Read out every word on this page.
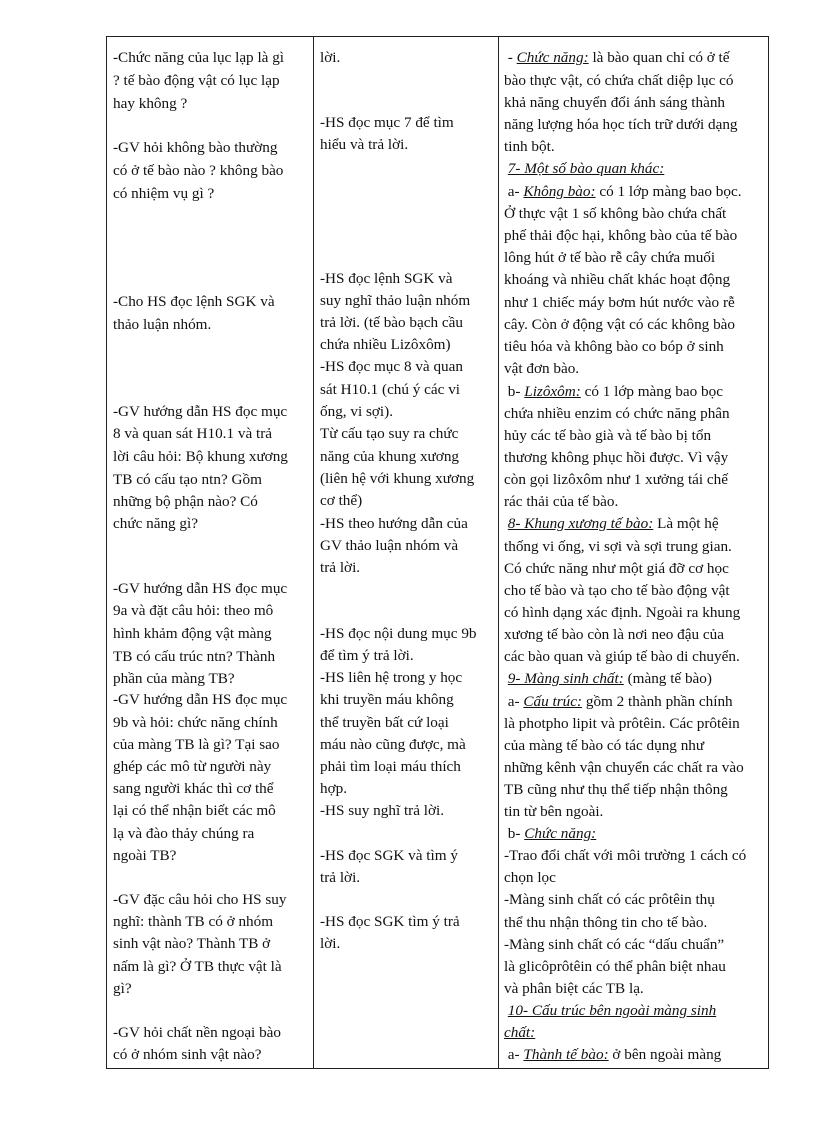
-Chức năng của lục lạp là gì
? tế bào động vật có lục lạp
hay không ?
-GV hỏi không bào thường
có ở tế bào nào ? không bào
có nhiệm vụ gì ?
-Cho HS đọc lệnh SGK và
thảo luận nhóm.
-GV hướng dẫn HS đọc mục
8 và quan sát H10.1 và trả
lời câu hỏi: Bộ khung xương
TB có cấu tạo ntn? Gồm
những bộ phận nào? Có
chức năng gì?
-GV hướng dẫn HS đọc mục
9a và đặt câu hỏi: theo mô
hình khảm động vật màng
TB có cấu trúc ntn? Thành
phần của màng TB?
-GV hướng dẫn HS đọc mục
9b và hỏi: chức năng chính
của màng TB là gì? Tại sao
ghép các mô từ người này
sang người khác thì cơ thể
lại có thể nhận biết các mô
lạ và đào thảy chúng ra
ngoài TB?
-GV đặc câu hỏi cho HS suy
nghĩ: thành TB có ở nhóm
sinh vật nào? Thành TB ở
nấm là gì? Ở TB thực vật là
gì?
-GV hỏi chất nền ngoại bào
có ở nhóm sinh vật nào?
lời.
-HS đọc mục 7 để tìm
hiểu và trả lời.
-HS đọc lệnh SGK và
suy nghĩ thảo luận nhóm
trả lời. (tế bào bạch cầu
chứa nhiều Lizôxôm)
-HS đọc mục 8 và quan
sát H10.1 (chú ý các vi
ống, vi sợi).
Từ cấu tạo suy ra chức
năng của khung xương
(liên hệ với khung xương
cơ thể)
-HS theo hướng dẫn của
GV thảo luận nhóm và
trả lời.
-HS đọc nội dung mục 9b
để tìm ý trả lời.
-HS liên hệ trong y học
khi truyền máu không
thể truyền bất cứ loại
máu nào cũng được, mà
phải tìm loại máu thích
hợp.
-HS suy nghĩ trả lời.
-HS đọc SGK và tìm ý
trả lời.
-HS đọc SGK tìm ý trả
lời.
- Chức năng: là bào quan chỉ có ở tế
bào thực vật, có chứa chất diệp lục có
khả năng chuyển đổi ánh sáng thành
năng lượng hóa học tích trữ dưới dạng
tinh bột.
7- Một số bào quan khác:
a- Không bào: có 1 lớp màng bao bọc.
Ở thực vật 1 số không bào chứa chất
phế thải độc hại, không bào của tế bào
lông hút ở tế bào rễ cây chứa muối
khoáng và nhiều chất khác hoạt động
như 1 chiếc máy bơm hút nước vào rễ
cây. Còn ở động vật có các không bào
tiêu hóa và không bào co bóp ở sinh
vật đơn bào.
b- Lizôxôm: có 1 lớp màng bao bọc
chứa nhiều enzim có chức năng phân
hủy các tế bào già và tế bào bị tổn
thương không phục hồi được. Vì vậy
còn gọi lizôxôm như 1 xưởng tái chế
rác thải của tế bào.
8- Khung xương tế bào: Là một hệ
thống vi ống, vi sợi và sợi trung gian.
Có chức năng như một giá đỡ cơ học
cho tế bào và tạo cho tế bào động vật
có hình dạng xác định. Ngoài ra khung
xương tế bào còn là nơi neo đậu của
các bào quan và giúp tế bào di chuyển.
9- Màng sinh chất: (màng tế bào)
a- Cấu trúc: gồm 2 thành phần chính
là photpho lipit và prôtêin. Các prôtêin
của màng tế bào có tác dụng như
những kênh vận chuyển các chất ra vào
TB cũng như thụ thể tiếp nhận thông
tin từ bên ngoài.
b- Chức năng:
-Trao đổi chất với môi trường 1 cách có
chọn lọc
-Màng sinh chất có các prôtêin thụ
thể thu nhận thông tin cho tế bào.
-Màng sinh chất có các “dấu chuẩn”
là glicôprôtêin có thể phân biệt nhau
và phân biệt các TB lạ.
10- Cấu trúc bên ngoài màng sinh
chất:
a- Thành tế bào: ở bên ngoài màng
